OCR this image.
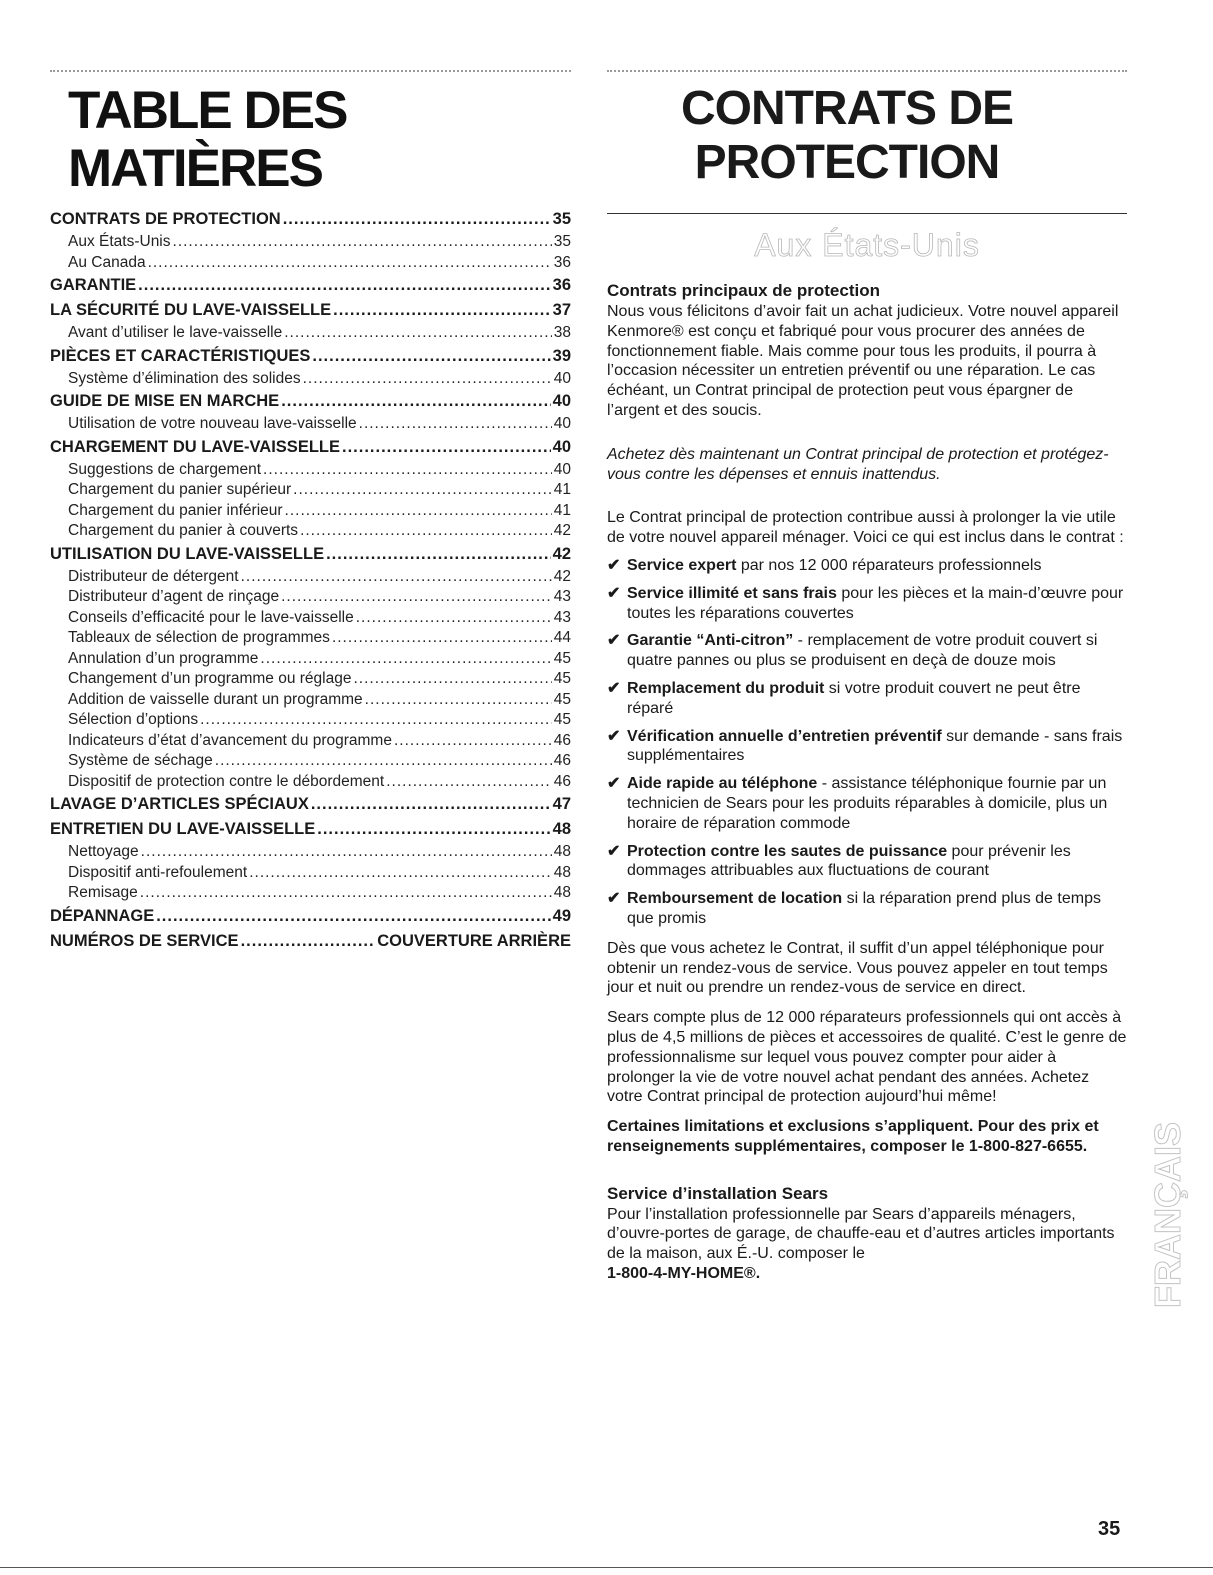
TABLE DES MATIÈRES
CONTRATS DE PROTECTION .....	35
Aux États-Unis .....	35
Au Canada .....	36
GARANTIE .....	36
LA SÉCURITÉ DU LAVE-VAISSELLE .....	37
Avant d’utiliser le lave-vaisselle .....	38
PIÈCES ET CARACTÉRISTIQUES .....	39
Système d’élimination des solides .....	40
GUIDE DE MISE EN MARCHE .....	40
Utilisation de votre nouveau lave-vaisselle .....	40
CHARGEMENT DU LAVE-VAISSELLE .....	40
Suggestions de chargement .....	40
Chargement du panier supérieur .....	41
Chargement du panier inférieur .....	41
Chargement du panier à couverts .....	42
UTILISATION DU LAVE-VAISSELLE .....	42
Distributeur de détergent .....	42
Distributeur d’agent de rinçage .....	43
Conseils d’efficacité pour le lave-vaisselle .....	43
Tableaux de sélection de programmes .....	44
Annulation d’un programme .....	45
Changement d’un programme ou réglage .....	45
Addition de vaisselle durant un programme .....	45
Sélection d’options .....	45
Indicateurs d’état d’avancement du programme .....	46
Système de séchage .....	46
Dispositif de protection contre le débordement .....	46
LAVAGE D’ARTICLES SPÉCIAUX .....	47
ENTRETIEN DU LAVE-VAISSELLE .....	48
Nettoyage .....	48
Dispositif anti-refoulement .....	48
Remisage .....	48
DÉPANNAGE .....	49
NUMÉROS DE SERVICE .....	COUVERTURE ARRIÈRE
CONTRATS DE
PROTECTION
Aux États-Unis
Contrats principaux de protection

Nous vous félicitons d’avoir fait un achat judicieux. Votre nouvel appareil Kenmore® est conçu et fabriqué pour vous procurer des années de fonctionnement fiable. Mais comme pour tous les produits, il pourra à l’occasion nécessiter un entretien préventif ou une réparation. Le cas échéant, un Contrat principal de protection peut vous épargner de l’argent et des soucis.

Achetez dès maintenant un Contrat principal de protection et protégez-vous contre les dépenses et ennuis inattendus.

Le Contrat principal de protection contribue aussi à prolonger la vie utile de votre nouvel appareil ménager. Voici ce qui est inclus dans le contrat :

✔ Service expert par nos 12 000 réparateurs professionnels
✔ Service illimité et sans frais pour les pièces et la main-d’œuvre pour toutes les réparations couvertes
✔ Garantie “Anti-citron” - remplacement de votre produit couvert si quatre pannes ou plus se produisent en deçà de douze mois
✔ Remplacement du produit si votre produit couvert ne peut être réparé
✔ Vérification annuelle d’entretien préventif sur demande - sans frais supplémentaires
✔ Aide rapide au téléphone - assistance téléphonique fournie par un technicien de Sears pour les produits réparables à domicile, plus un horaire de réparation commode
✔ Protection contre les sautes de puissance pour prévenir les dommages attribuables aux fluctuations de courant
✔ Remboursement de location si la réparation prend plus de temps que promis

Dès que vous achetez le Contrat, il suffit d’un appel téléphonique pour obtenir un rendez-vous de service. Vous pouvez appeler en tout temps jour et nuit ou prendre un rendez-vous de service en direct.

Sears compte plus de 12 000 réparateurs professionnels qui ont accès à plus de 4,5 millions de pièces et accessoires de qualité. C’est le genre de professionnalisme sur lequel vous pouvez compter pour aider à prolonger la vie de votre nouvel achat pendant des années. Achetez votre Contrat principal de protection aujourd’hui même!

Certaines limitations et exclusions s’appliquent. Pour des prix et renseignements supplémentaires, composer le 1-800-827-6655.

Service d’installation Sears

Pour l’installation professionnelle par Sears d’appareils ménagers, d’ouvre-portes de garage, de chauffe-eau et d’autres articles importants de la maison, aux É.-U. composer le
1-800-4-MY-HOME®.	FRANÇAIS
35
